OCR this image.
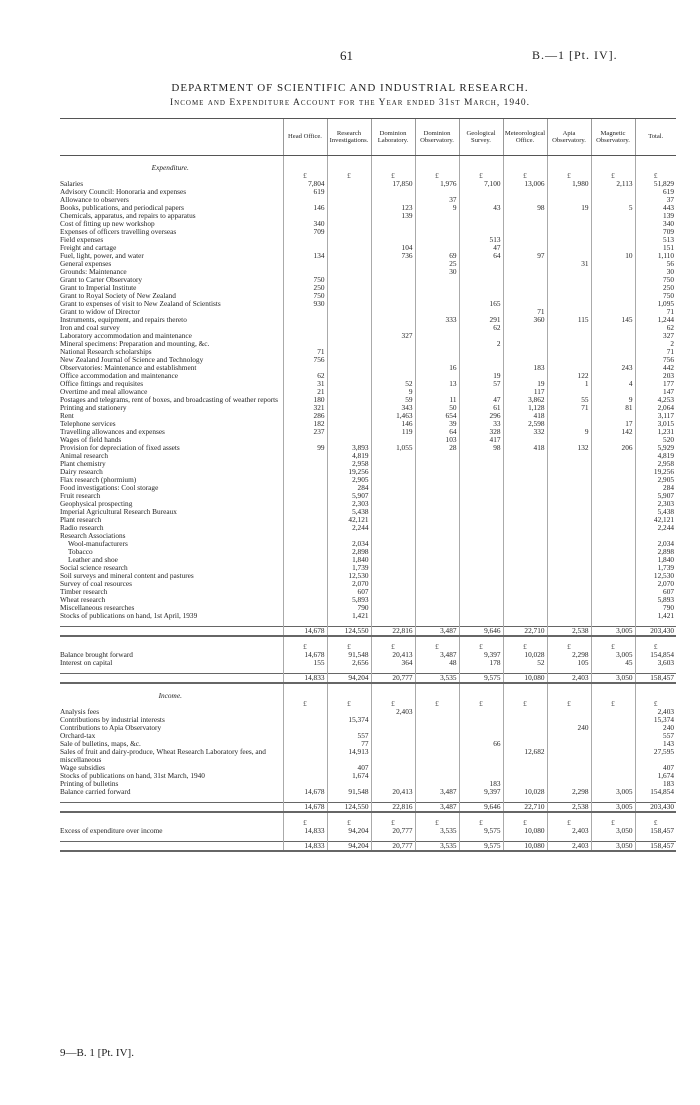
61	B.—1 [Pt. IV].
DEPARTMENT OF SCIENTIFIC AND INDUSTRIAL RESEARCH.
Income and Expenditure Account for the Year ended 31st March, 1940.
	Head Office.	Research Investigations.	Dominion Laboratory.	Dominion Observatory.	Geological Survey.	Meteorological Office.	Apia Observatory.	Magnetic Observatory.	Total.
Expenditure.									
	£	£	£	£	£	£	£	£	£
Salaries	7,804		17,850	1,976	7,100	13,006	1,980	2,113	51,829
Advisory Council: Honoraria and expenses	619								619
Allowance to observers				37					37
Books, publications, and periodical papers	146		123	9	43	98	19	5	443
Chemicals, apparatus, and repairs to apparatus			139						139
Cost of fitting up new workshop	340								340
Expenses of officers travelling overseas	709								709
Field expenses					513				513
Freight and cartage			104		47				151
Fuel, light, power, and water	134		736	69	64	97		10	1,110
General expenses				25			31		56
Grounds: Maintenance				30					30
Grant to Carter Observatory	750								750
Grant to Imperial Institute	250								250
Grant to Royal Society of New Zealand	750								750
Grant to expenses of visit to New Zealand of Scientists	930				165				1,095
Grant to widow of Director						71			71
Instruments, equipment, and repairs thereto				333	291	360	115	145	1,244
Iron and coal survey					62				62
Laboratory accommodation and maintenance			327						327
Mineral specimens: Preparation and mounting, &c.					2				2
National Research scholarships	71								71
New Zealand Journal of Science and Technology	756								756
Observatories: Maintenance and establishment				16		183		243	442
Office accommodation and maintenance	62				19		122		203
Office fittings and requisites	31		52	13	57	19	1	4	177
Overtime and meal allowance	21		9			117			147
Postages and telegrams, rent of boxes, and broadcasting of weather reports	180		59	11	47	3,862	55	9	4,253
Printing and stationery	321		343	50	61	1,128	71	81	2,064
Rent	286		1,463	654	296	418			3,117
Telephone services	182		146	39	33	2,598		17	3,015
Travelling allowances and expenses	237		119	64	328	332	9	142	1,231
Wages of field hands				103	417				520
Provision for depreciation of fixed assets	99	3,893	1,055	28	98	418	132	206	5,929
Animal research		4,819							4,819
Plant chemistry		2,958							2,958
Dairy research		19,256							19,256
Flax research (phormium)		2,905							2,905
Food investigations: Cool storage		284							284
Fruit research		5,907							5,907
Geophysical prospecting		2,303							2,303
Imperial Agricultural Research Bureaux		5,438							5,438
Plant research		42,121							42,121
Radio research		2,244							2,244
Research Associations									
Wool-manufacturers		2,034							2,034
Tobacco		2,898							2,898
Leather and shoe		1,840							1,840
Social science research		1,739							1,739
Soil surveys and mineral content and pastures		12,530							12,530
Survey of coal resources		2,070							2,070
Timber research		607							607
Wheat research		5,893							5,893
Miscellaneous researches		790							790
Stocks of publications on hand, 1st April, 1939		1,421							1,421

	14,678	124,550	22,816	3,487	9,646	22,710	2,538	3,005	203,430

	£	£	£	£	£	£	£	£	£
Balance brought forward	14,678	91,548	20,413	3,487	9,397	10,028	2,298	3,005	154,854
Interest on capital	155	2,656	364	48	178	52	105	45	3,603

	14,833	94,204	20,777	3,535	9,575	10,080	2,403	3,050	158,457
Income.									
	£	£	£	£	£	£	£	£	£
Analysis fees			2,403						2,403
Contributions by industrial interests		15,374							15,374
Contributions to Apia Observatory							240		240
Orchard-tax		557							557
Sale of bulletins, maps, &c.		77			66				143
Sales of fruit and dairy-produce, Wheat Research Laboratory fees, and miscellaneous		14,913				12,682			27,595
Wage subsidies		407							407
Stocks of publications on hand, 31st March, 1940		1,674							1,674
Printing of bulletins					183				183
Balance carried forward	14,678	91,548	20,413	3,487	9,397	10,028	2,298	3,005	154,854

	14,678	124,550	22,816	3,487	9,646	22,710	2,538	3,005	203,430

	£	£	£	£	£	£	£	£	£
Excess of expenditure over income	14,833	94,204	20,777	3,535	9,575	10,080	2,403	3,050	158,457

	14,833	94,204	20,777	3,535	9,575	10,080	2,403	3,050	158,457
9—B. 1 [Pt. IV].
